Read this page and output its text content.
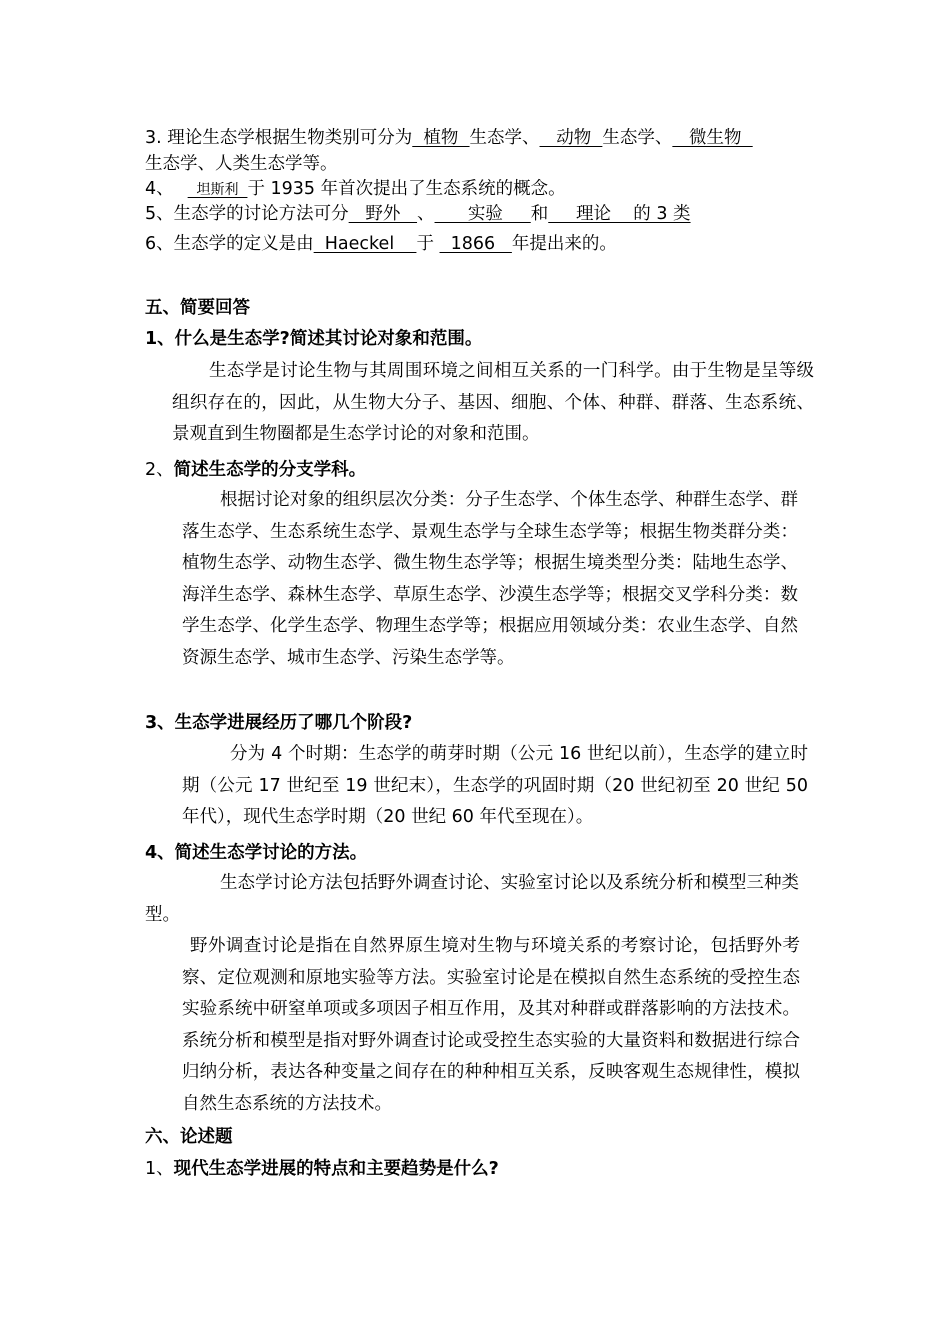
3. 理论生态学根据生物类别可分为  植物  生态学、   动物  生态学、   微生物
生态学、人类生态学等。
4、  坦斯利  于 1935 年首次提出了生态系统的概念。
5、生态学的讨论方法可分   野外   、      实验     和     理论    的 3 类
6、生态学的定义是由  Haeckel    于   1866   年提出来的。
五、简要回答
1、什么是生态学?简述其讨论对象和范围。
生态学是讨论生物与其周围环境之间相互关系的一门科学。由于生物是呈等级组织存在的，因此，从生物大分子、基因、细胞、个体、种群、群落、生态系统、景观直到生物圈都是生态学讨论的对象和范围。
2、简述生态学的分支学科。
根据讨论对象的组织层次分类：分子生态学、个体生态学、种群生态学、群落生态学、生态系统生态学、景观生态学与全球生态学等；根据生物类群分类：植物生态学、动物生态学、微生物生态学等；根据生境类型分类：陆地生态学、海洋生态学、森林生态学、草原生态学、沙漠生态学等；根据交叉学科分类：数学生态学、化学生态学、物理生态学等；根据应用领域分类：农业生态学、自然资源生态学、城市生态学、污染生态学等。
3、生态学进展经历了哪几个阶段?
分为 4 个时期：生态学的萌芽时期（公元 16 世纪以前），生态学的建立时期（公元 17 世纪至 19 世纪末），生态学的巩固时期（20 世纪初至 20 世纪 50 年代），现代生态学时期（20 世纪 60 年代至现在）。
4、简述生态学讨论的方法。
生态学讨论方法包括野外调查讨论、实验室讨论以及系统分析和模型三种类型。
野外调查讨论是指在自然界原生境对生物与环境关系的考察讨论，包括野外考察、定位观测和原地实验等方法。实验室讨论是在模拟自然生态系统的受控生态实验系统中研窒单项或多项因子相互作用，及其对种群或群落影响的方法技术。系统分析和模型是指对野外调查讨论或受控生态实验的大量资料和数据进行综合归纳分析，表达各种变量之间存在的种种相互关系，反映客观生态规律性，模拟自然生态系统的方法技术。
六、论述题
1、现代生态学进展的特点和主要趋势是什么?
